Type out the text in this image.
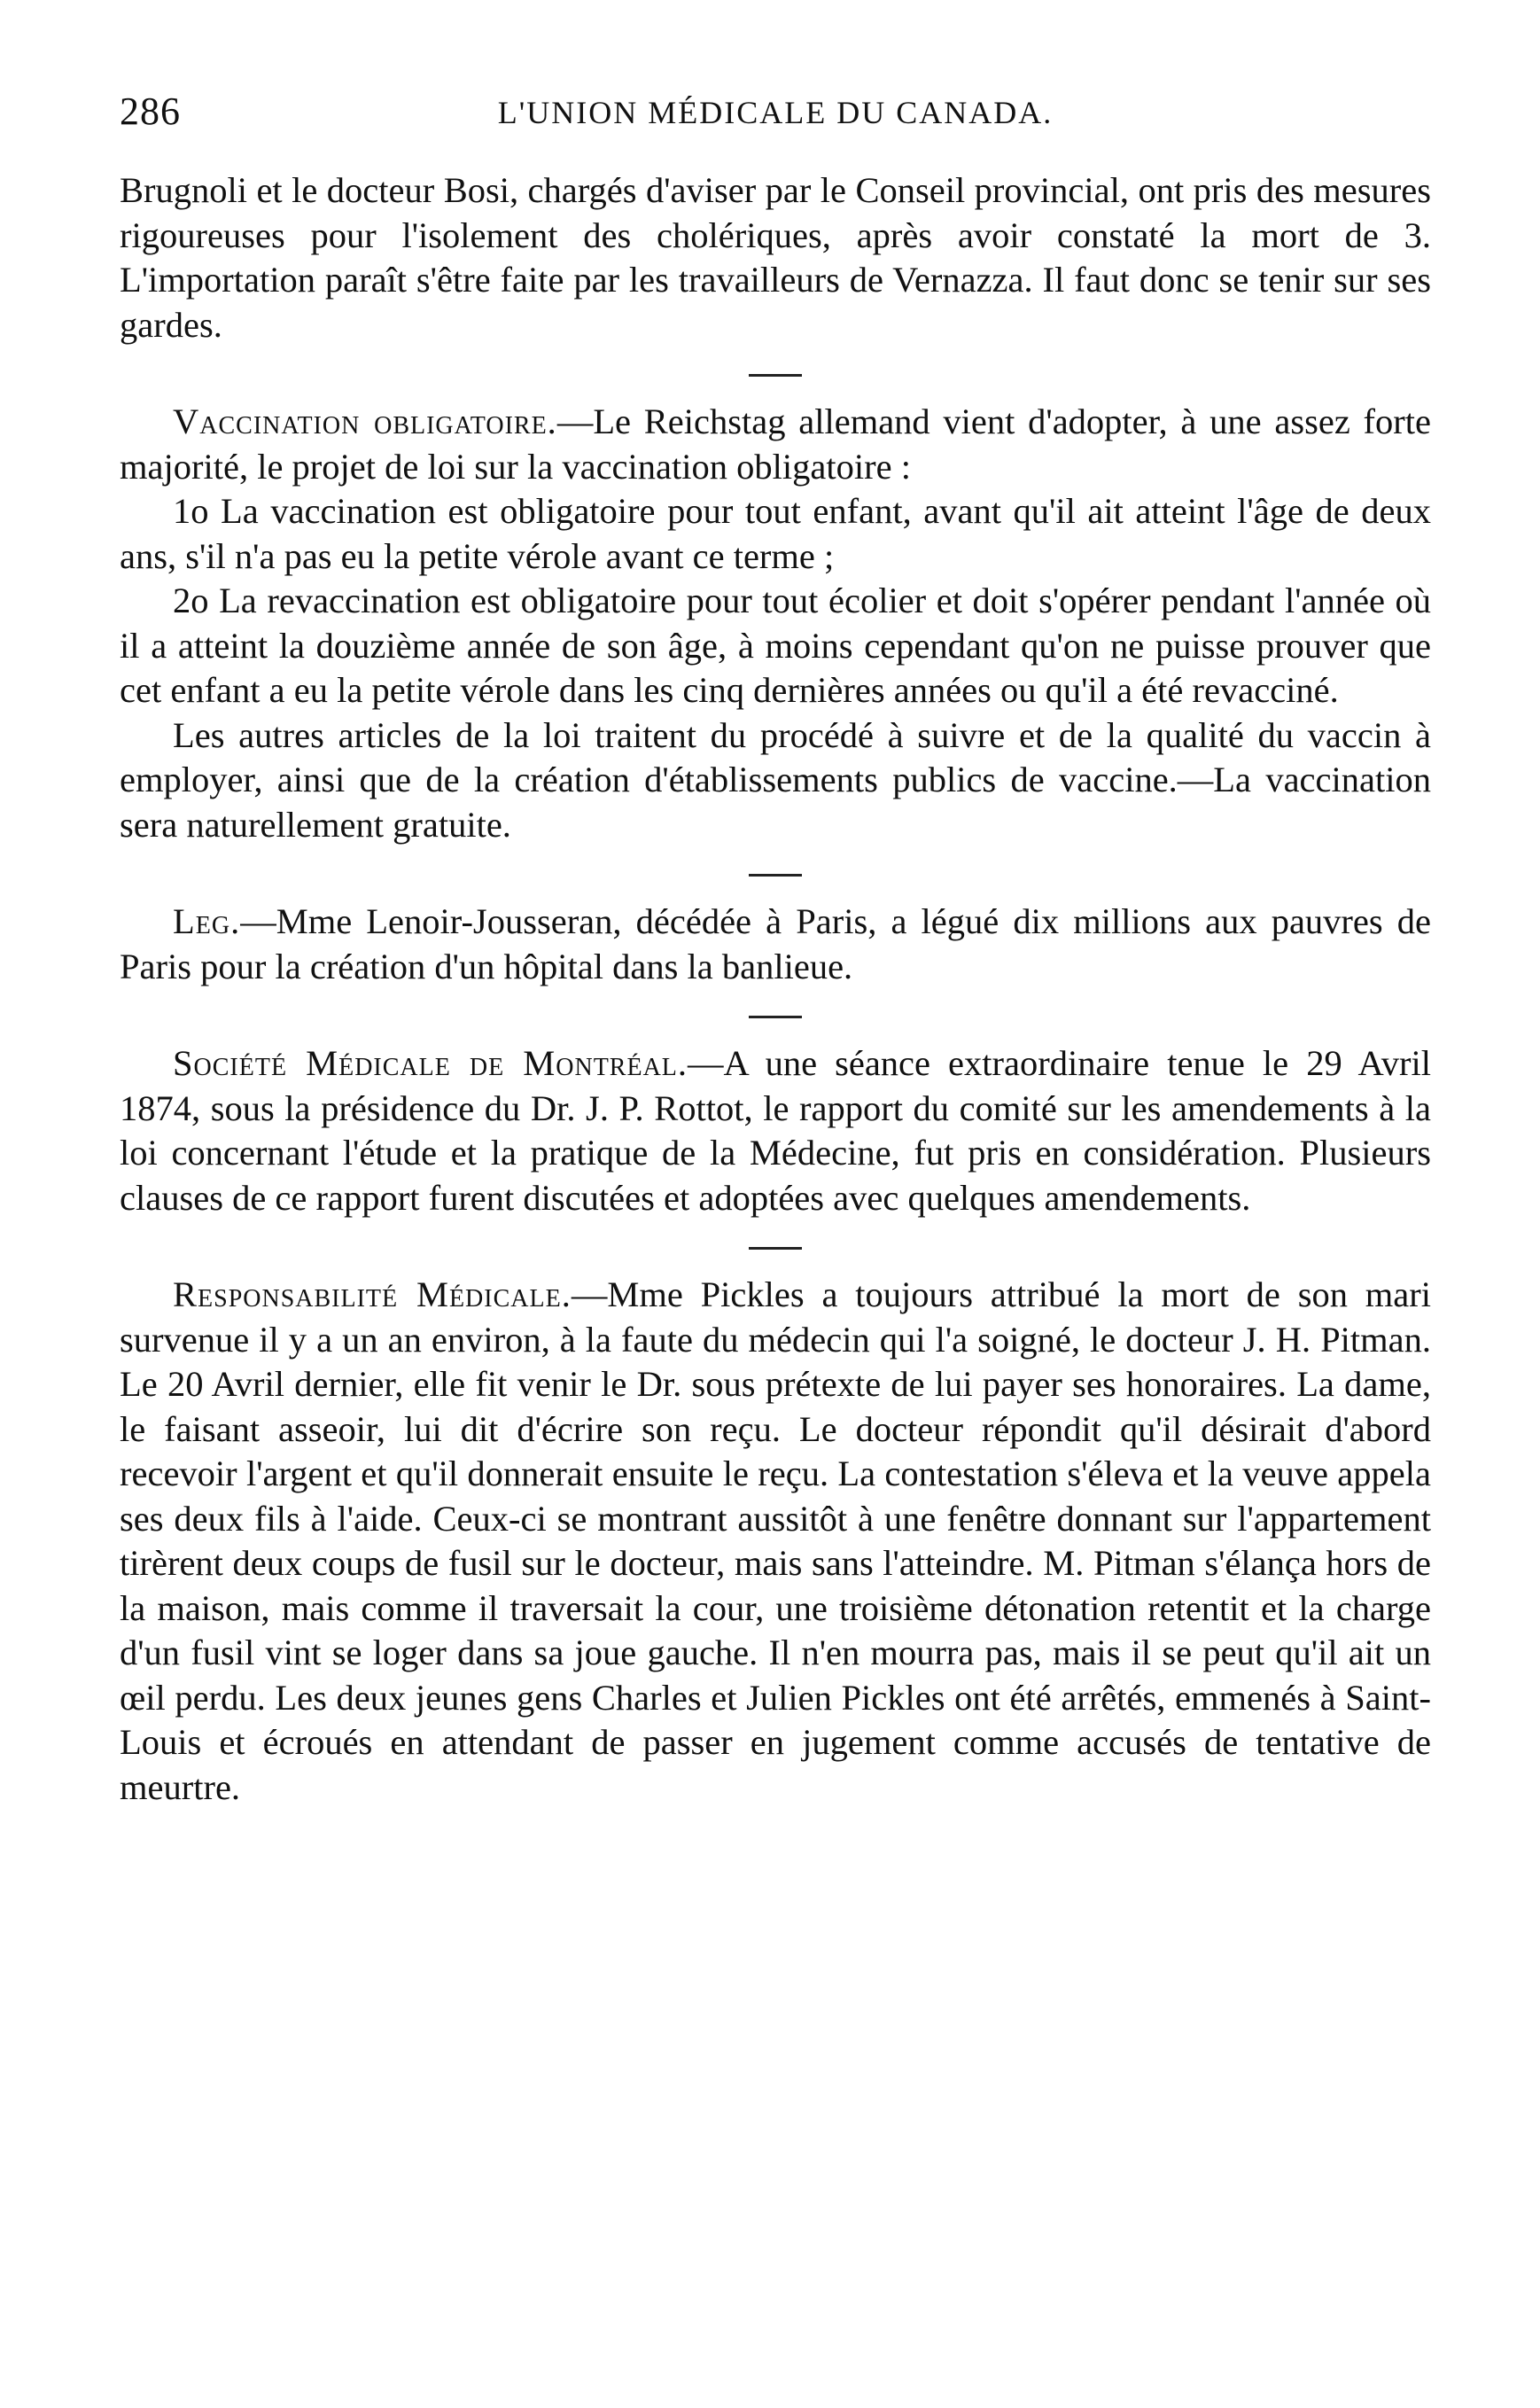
286	L'UNION MÉDICALE DU CANADA.

Brugnoli et le docteur Bosi, chargés d'aviser par le Conseil provincial, ont pris des mesures rigoureuses pour l'isolement des cholériques, après avoir constaté la mort de 3. L'importation paraît s'être faite par les travailleurs de Vernazza. Il faut donc se tenir sur ses gardes.

Vaccination obligatoire.—Le Reichstag allemand vient d'adopter, à une assez forte majorité, le projet de loi sur la vaccination obligatoire :

1o La vaccination est obligatoire pour tout enfant, avant qu'il ait atteint l'âge de deux ans, s'il n'a pas eu la petite vérole avant ce terme ;

2o La revaccination est obligatoire pour tout écolier et doit s'opérer pendant l'année où il a atteint la douzième année de son âge, à moins cependant qu'on ne puisse prouver que cet enfant a eu la petite vérole dans les cinq dernières années ou qu'il a été revacciné.

Les autres articles de la loi traitent du procédé à suivre et de la qualité du vaccin à employer, ainsi que de la création d'établissements publics de vaccine.—La vaccination sera naturellement gratuite.

Leg.—Mme Lenoir-Jousseran, décédée à Paris, a légué dix millions aux pauvres de Paris pour la création d'un hôpital dans la banlieue.

Société Médicale de Montréal.—A une séance extraordinaire tenue le 29 Avril 1874, sous la présidence du Dr. J. P. Rottot, le rapport du comité sur les amendements à la loi concernant l'étude et la pratique de la Médecine, fut pris en considération. Plusieurs clauses de ce rapport furent discutées et adoptées avec quelques amendements.

Responsabilité Médicale.—Mme Pickles a toujours attribué la mort de son mari survenue il y a un an environ, à la faute du médecin qui l'a soigné, le docteur J. H. Pitman. Le 20 Avril dernier, elle fit venir le Dr. sous prétexte de lui payer ses honoraires. La dame, le faisant asseoir, lui dit d'écrire son reçu. Le docteur répondit qu'il désirait d'abord recevoir l'argent et qu'il donnerait ensuite le reçu. La contestation s'éleva et la veuve appela ses deux fils à l'aide. Ceux-ci se montrant aussitôt à une fenêtre donnant sur l'appartement tirèrent deux coups de fusil sur le docteur, mais sans l'atteindre. M. Pitman s'élança hors de la maison, mais comme il traversait la cour, une troisième détonation retentit et la charge d'un fusil vint se loger dans sa joue gauche. Il n'en mourra pas, mais il se peut qu'il ait un œil perdu. Les deux jeunes gens Charles et Julien Pickles ont été arrêtés, emmenés à Saint-Louis et écroués en attendant de passer en jugement comme accusés de tentative de meurtre.
